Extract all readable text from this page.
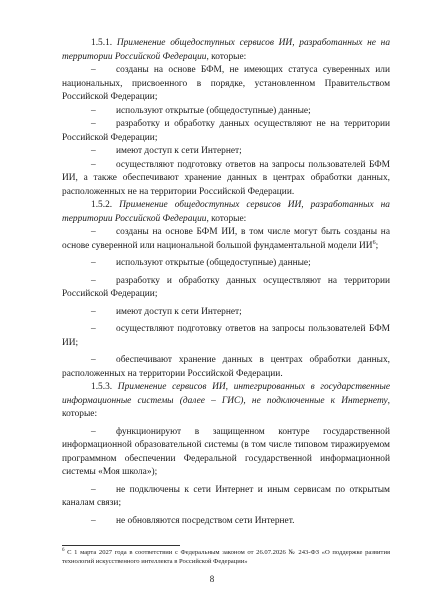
1.5.1. Применение общедоступных сервисов ИИ, разработанных не на территории Российской Федерации, которые:

– созданы на основе БФМ, не имеющих статуса суверенных или национальных, присвоенного в порядке, установленном Правительством Российской Федерации;

– используют открытые (общедоступные) данные;

– разработку и обработку данных осуществляют не на территории Российской Федерации;

– имеют доступ к сети Интернет;

– осуществляют подготовку ответов на запросы пользователей БФМ ИИ, а также обеспечивают хранение данных в центрах обработки данных, расположенных не на территории Российской Федерации.

1.5.2. Применение общедоступных сервисов ИИ, разработанных на территории Российской Федерации, которые:

– созданы на основе БФМ ИИ, в том числе могут быть созданы на основе суверенной или национальной большой фундаментальной модели $ИИ^6$;

– используют открытые (общедоступные) данные;

– разработку и обработку данных осуществляют на территории Российской Федерации;

– имеют доступ к сети Интернет;

– осуществляют подготовку ответов на запросы пользователей БФМ ИИ;

– обеспечивают хранение данных в центрах обработки данных, расположенных на территории Российской Федерации.

1.5.3. Применение сервисов ИИ, интегрированных в государственные информационные системы (далее – ГИС), не подключенные к Интернету, которые:

– функционируют в защищенном контуре государственной информационной образовательной системы (в том числе типовом тиражируемом программном обеспечении Федеральной государственной информационной системы «Моя школа»);

– не подключены к сети Интернет и иным сервисам по открытым каналам связи;

– не обновляются посредством сети Интернет.

$^6$ С 1 марта 2027 года в соответствии с Федеральным законом от 26.07.2026 № 243-ФЗ «О поддержке развития технологий искусственного интеллекта в Российской Федерации»
8
